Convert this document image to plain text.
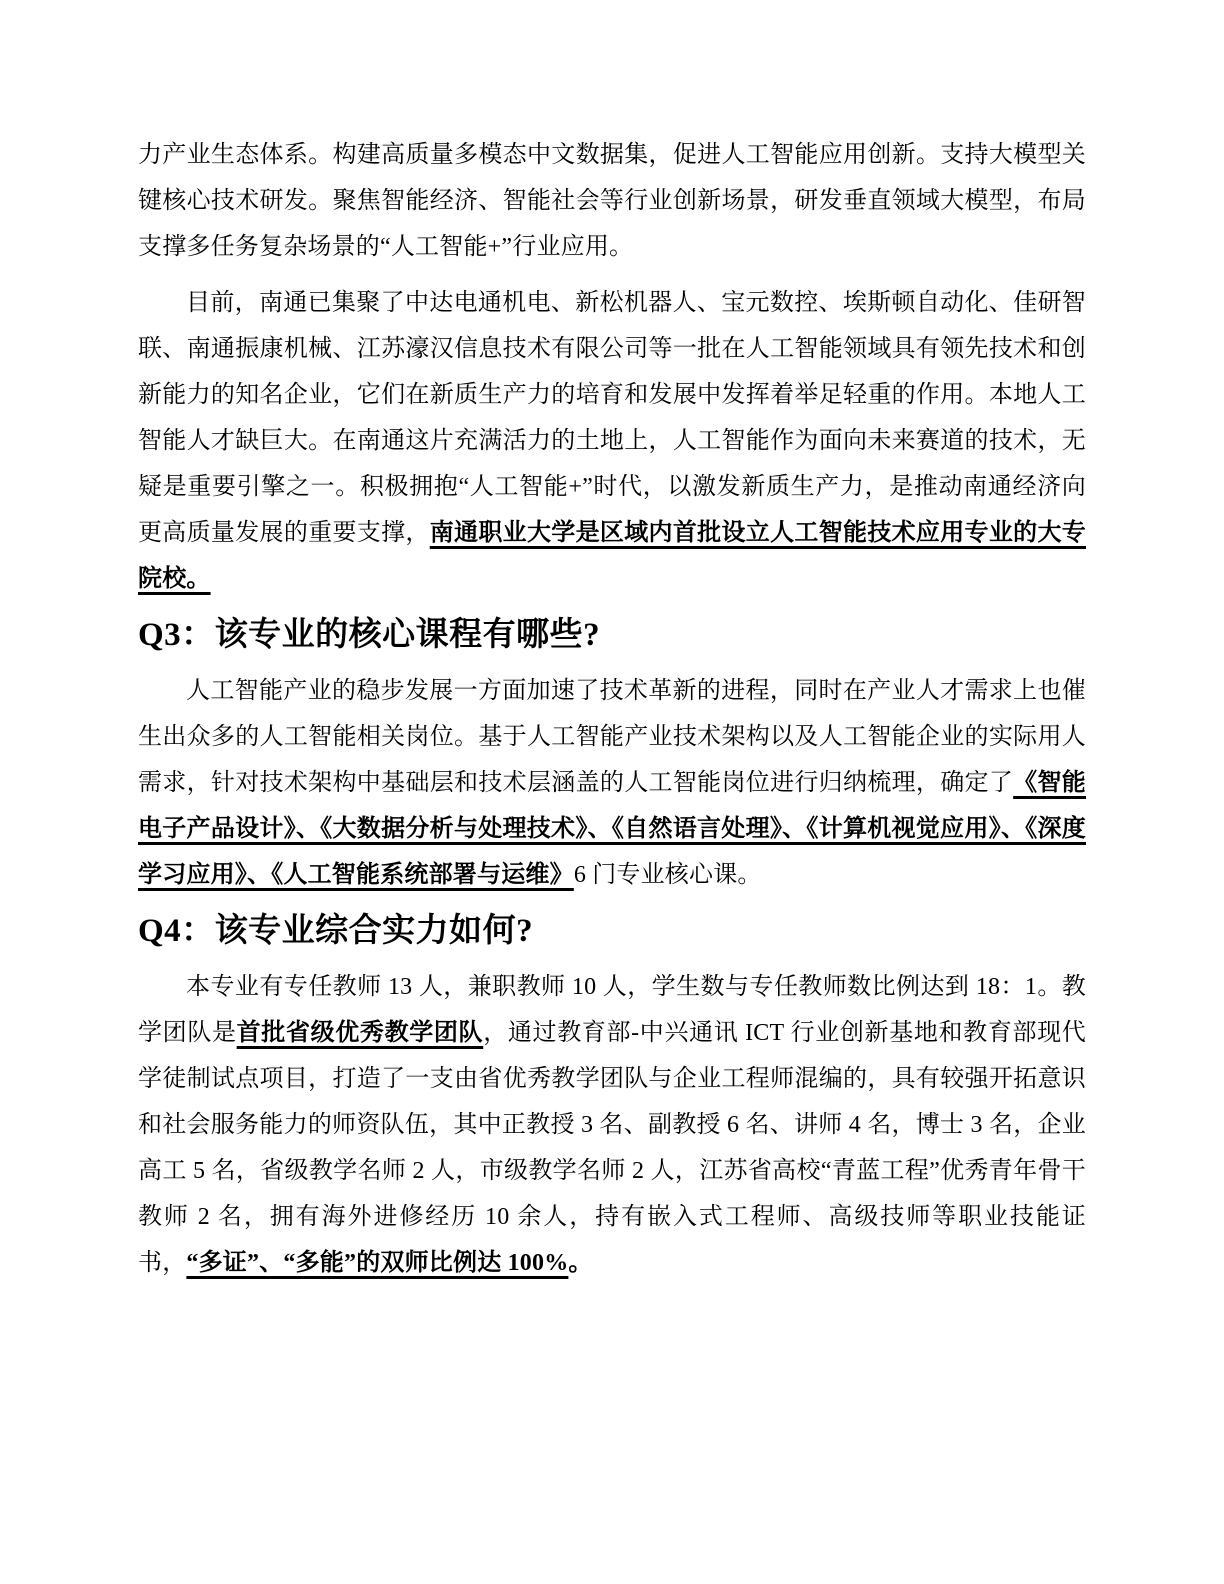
力产业生态体系。构建高质量多模态中文数据集，促进人工智能应用创新。支持大模型关键核心技术研发。聚焦智能经济、智能社会等行业创新场景，研发垂直领域大模型，布局支撑多任务复杂场景的“人工智能+”行业应用。

目前，南通已集聚了中达电通机电、新松机器人、宝元数控、埃斯顿自动化、佳研智联、南通振康机械、江苏濠汉信息技术有限公司等一批在人工智能领域具有领先技术和创新能力的知名企业，它们在新质生产力的培育和发展中发挥着举足轻重的作用。本地人工智能人才缺巨大。在南通这片充满活力的土地上，人工智能作为面向未来赛道的技术，无疑是重要引擎之一。积极拥抱“人工智能+”时代，以激发新质生产力，是推动南通经济向更高质量发展的重要支撑，南通职业大学是区域内首批设立人工智能技术应用专业的大专院校。

Q3：该专业的核心课程有哪些?

人工智能产业的稳步发展一方面加速了技术革新的进程，同时在产业人才需求上也催生出众多的人工智能相关岗位。基于人工智能产业技术架构以及人工智能企业的实际用人需求，针对技术架构中基础层和技术层涵盖的人工智能岗位进行归纳梳理，确定了《智能电子产品设计》、《大数据分析与处理技术》、《自然语言处理》、《计算机视觉应用》、《深度学习应用》、《人工智能系统部署与运维》6 门专业核心课。

Q4：该专业综合实力如何?

本专业有专任教师 13 人，兼职教师 10 人，学生数与专任教师数比例达到 18：1。教学团队是首批省级优秀教学团队，通过教育部-中兴通讯 ICT 行业创新基地和教育部现代学徒制试点项目，打造了一支由省优秀教学团队与企业工程师混编的，具有较强开拓意识和社会服务能力的师资队伍，其中正教授 3 名、副教授 6 名、讲师 4 名，博士 3 名，企业高工 5 名，省级教学名师 2 人，市级教学名师 2 人，江苏省高校“青蓝工程”优秀青年骨干教师 2 名，拥有海外进修经历 10 余人，持有嵌入式工程师、高级技师等职业技能证书，“多证”、“多能”的双师比例达 100%。
